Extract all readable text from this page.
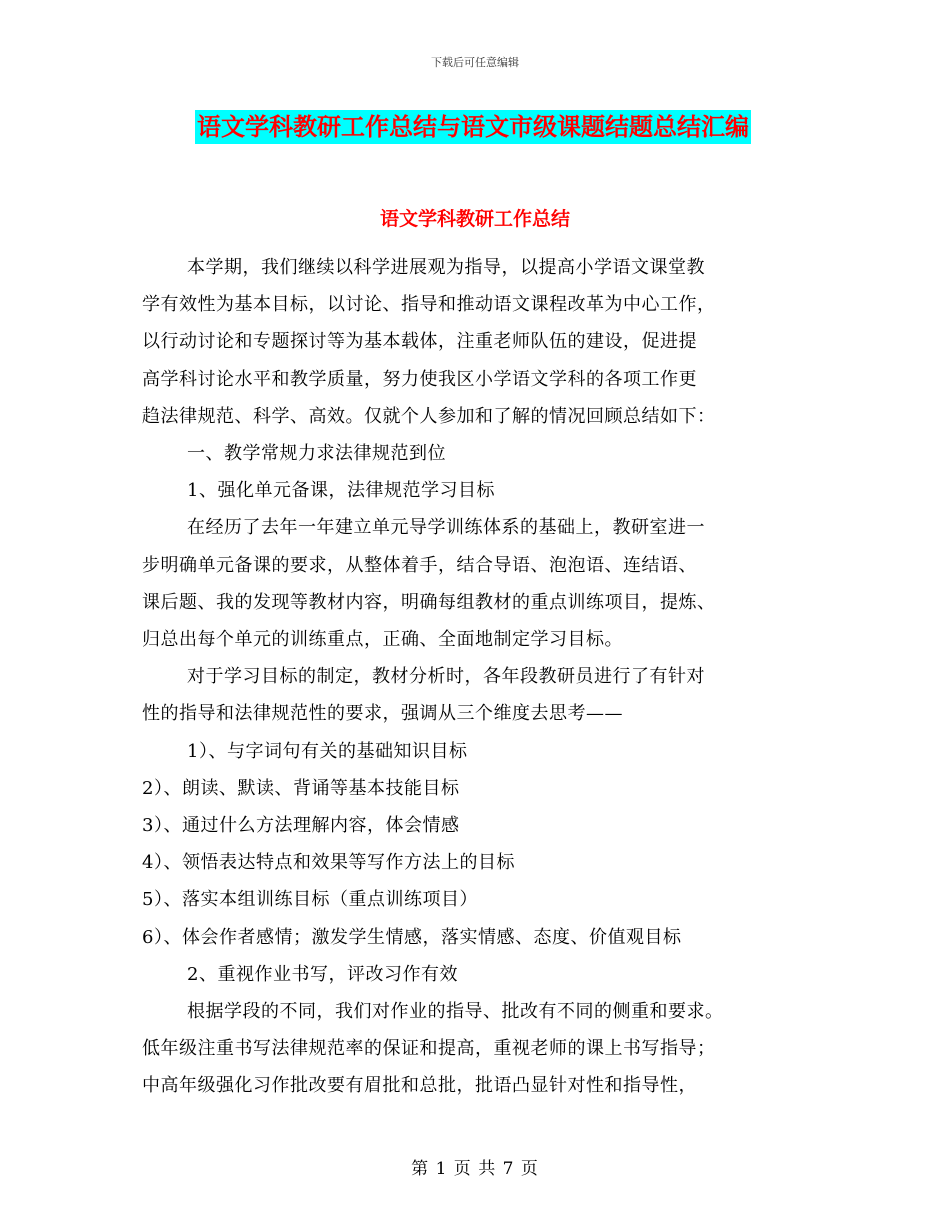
下载后可任意编辑
语文学科教研工作总结与语文市级课题结题总结汇编
语文学科教研工作总结

本学期，我们继续以科学进展观为指导，以提高小学语文课堂教

学有效性为基本目标，以讨论、指导和推动语文课程改革为中心工作，

以行动讨论和专题探讨等为基本载体，注重老师队伍的建设，促进提

高学科讨论水平和教学质量，努力使我区小学语文学科的各项工作更

趋法律规范、科学、高效。仅就个人参加和了解的情况回顾总结如下：

一、教学常规力求法律规范到位

1、强化单元备课，法律规范学习目标

在经历了去年一年建立单元导学训练体系的基础上，教研室进一

步明确单元备课的要求，从整体着手，结合导语、泡泡语、连结语、

课后题、我的发现等教材内容，明确每组教材的重点训练项目，提炼、

归总出每个单元的训练重点，正确、全面地制定学习目标。

对于学习目标的制定，教材分析时，各年段教研员进行了有针对

性的指导和法律规范性的要求，强调从三个维度去思考——

1）、与字词句有关的基础知识目标

2）、朗读、默读、背诵等基本技能目标

3）、通过什么方法理解内容，体会情感

4）、领悟表达特点和效果等写作方法上的目标

5）、落实本组训练目标（重点训练项目）

6）、体会作者感情；激发学生情感，落实情感、态度、价值观目标

2、重视作业书写，评改习作有效

根据学段的不同，我们对作业的指导、批改有不同的侧重和要求。

低年级注重书写法律规范率的保证和提高，重视老师的课上书写指导；

中高年级强化习作批改要有眉批和总批，批语凸显针对性和指导性，

第 1 页 共 7 页
